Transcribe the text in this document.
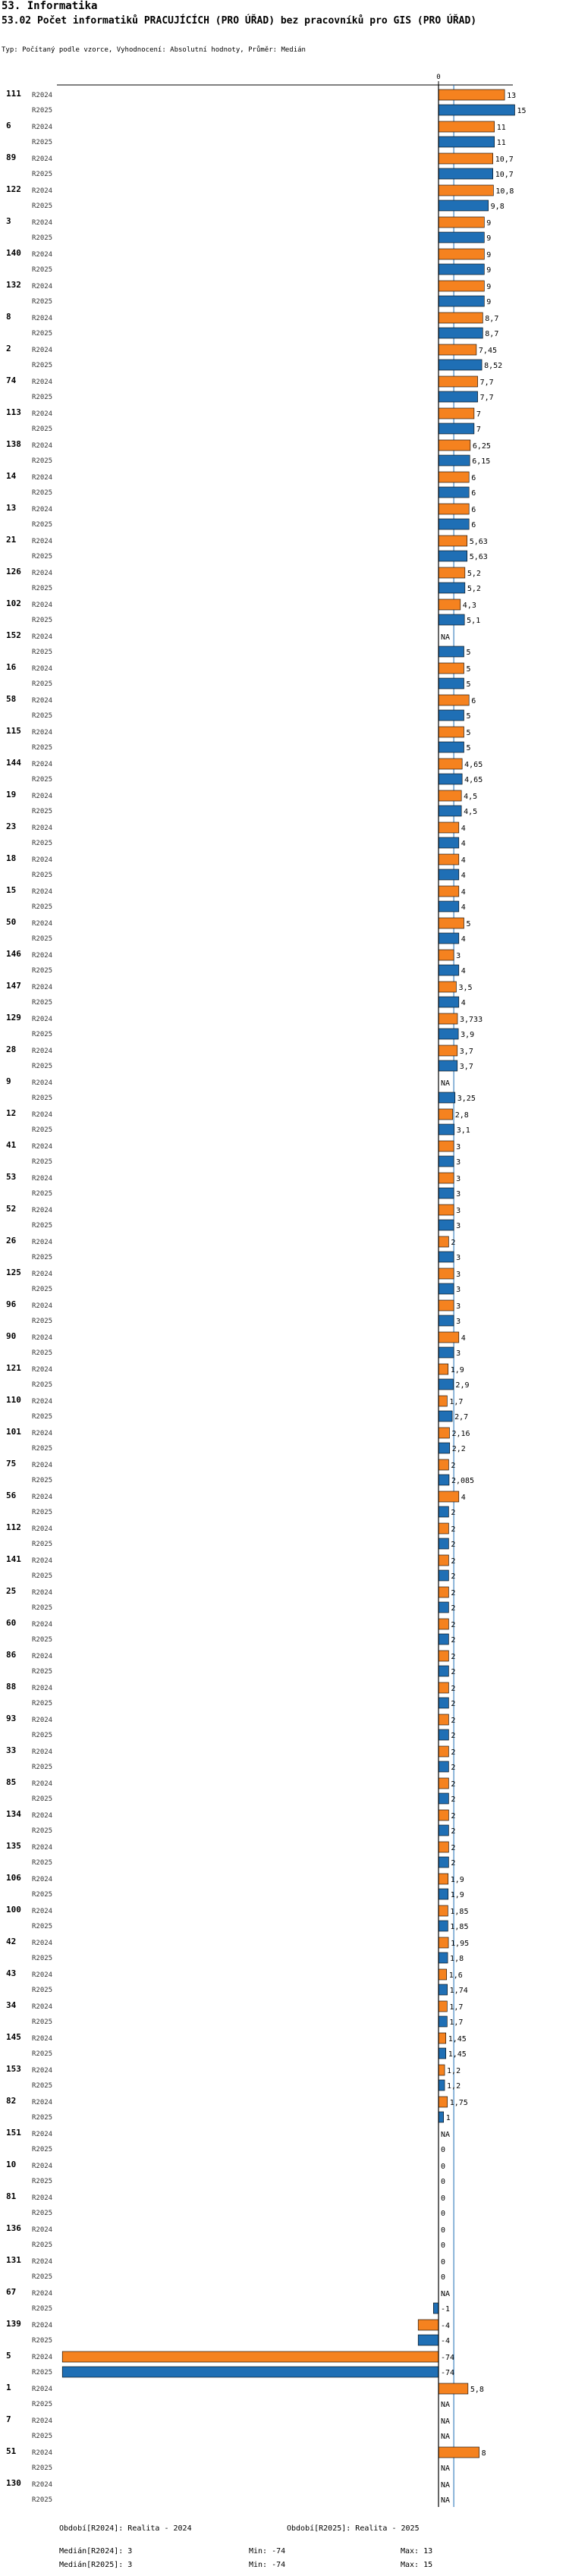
53. Informatika
53.02 Počet informatiků PRACUJÍCÍCH (PRO ÚŘAD) bez pracovníků pro GIS (PRO ÚŘAD)
Typ: Počítaný podle vzorce, Vyhodnocení: Absolutní hodnoty, Průměr: Medián
0
111 R2024	13
R2025	15
6	R2024	11
R2025	11
89 R2024	10,7
R2025	10,7
122 R2024	10,8
R2025	9,8
3	R2024	9
R2025	9
140 R2024	9
R2025	9
132 R2024	9
R2025	9
8	R2024	8,7
R2025	8,7
2	R2024	7,45
R2025	8,52
74 R2024	7,7
R2025	7,7
113 R2024	7
R2025	7
138 R2024	6,25
R2025	6,15
14 R2024	6
R2025	6
13 R2024	6
R2025	6
21 R2024	5,63
R2025	5,63
126 R2024	5,2
R2025	5,2
102 R2024	4,3
R2025	5,1
152 R2024	NA
R2025	5
16 R2024	5
R2025	5
58 R2024	6
R2025	5
115 R2024	5
R2025	5
144 R2024	4,65
R2025	4,65
19 R2024	4,5
R2025	4,5
23 R2024	4
R2025	4
18 R2024	4
R2025	4
15 R2024	4
R2025	4
50 R2024	5
R2025	4
146 R2024	3
R2025	4
147 R2024	3,5
R2025	4
129 R2024	3,733
R2025	3,9
28 R2024	3,7
R2025	3,7
9	R2024	NA
R2025	3,25
12 R2024	2,8
R2025	3,1
41 R2024	3
R2025	3
53 R2024	3
R2025	3
52 R2024	3
R2025	3
26 R2024	2
R2025	3
125 R2024	3
R2025	3
96 R2024	3
R2025	3
90 R2024	4
R2025	3
121 R2024	1,9
R2025	2,9
110 R2024	1,7
R2025	2,7
101 R2024	2,16
R2025	2,2
75 R2024	2
R2025	2,085
56 R2024	4
R2025	2
112 R2024	2
R2025	2
141 R2024	2
R2025	2
25 R2024	2
R2025	2
60 R2024	2
R2025	2
86 R2024	2
R2025	2
88 R2024	2
R2025	2
93 R2024	2
R2025	2
33 R2024	2
R2025	2
85 R2024	2
R2025	2
134 R2024	2
R2025	2
135 R2024	2
R2025	2
106 R2024	1,9
R2025	1,9
100 R2024	1,85
R2025	1,85
42 R2024	1,95
R2025	1,8
43 R2024	1,6
R2025	1,74
34 R2024	1,7
R2025	1,7
145 R2024	1,45
R2025	1,45
153 R2024	1,2
R2025	1,2
82 R2024	1,75
R2025	1
151 R2024	NA
R2025	0
10 R2024	0
R2025	0
81 R2024	0
R2025	0
136 R2024	0
R2025	0
131 R2024	0
R2025	0
67 R2024	NA
R2025	-1
139 R2024	-4
R2025	-4
5	R2024	-74
R2025	-74
1	R2024	5,8
R2025	NA
7	R2024	NA
R2025	NA
51 R2024	8
R2025	NA
130 R2024	NA
R2025	NA
Období[R2024]: Realita - 2024	Období[R2025]: Realita - 2025
Medián[R2024]: 3	Min: -74	Max: 13
Medián[R2025]: 3	Min: -74	Max: 15
